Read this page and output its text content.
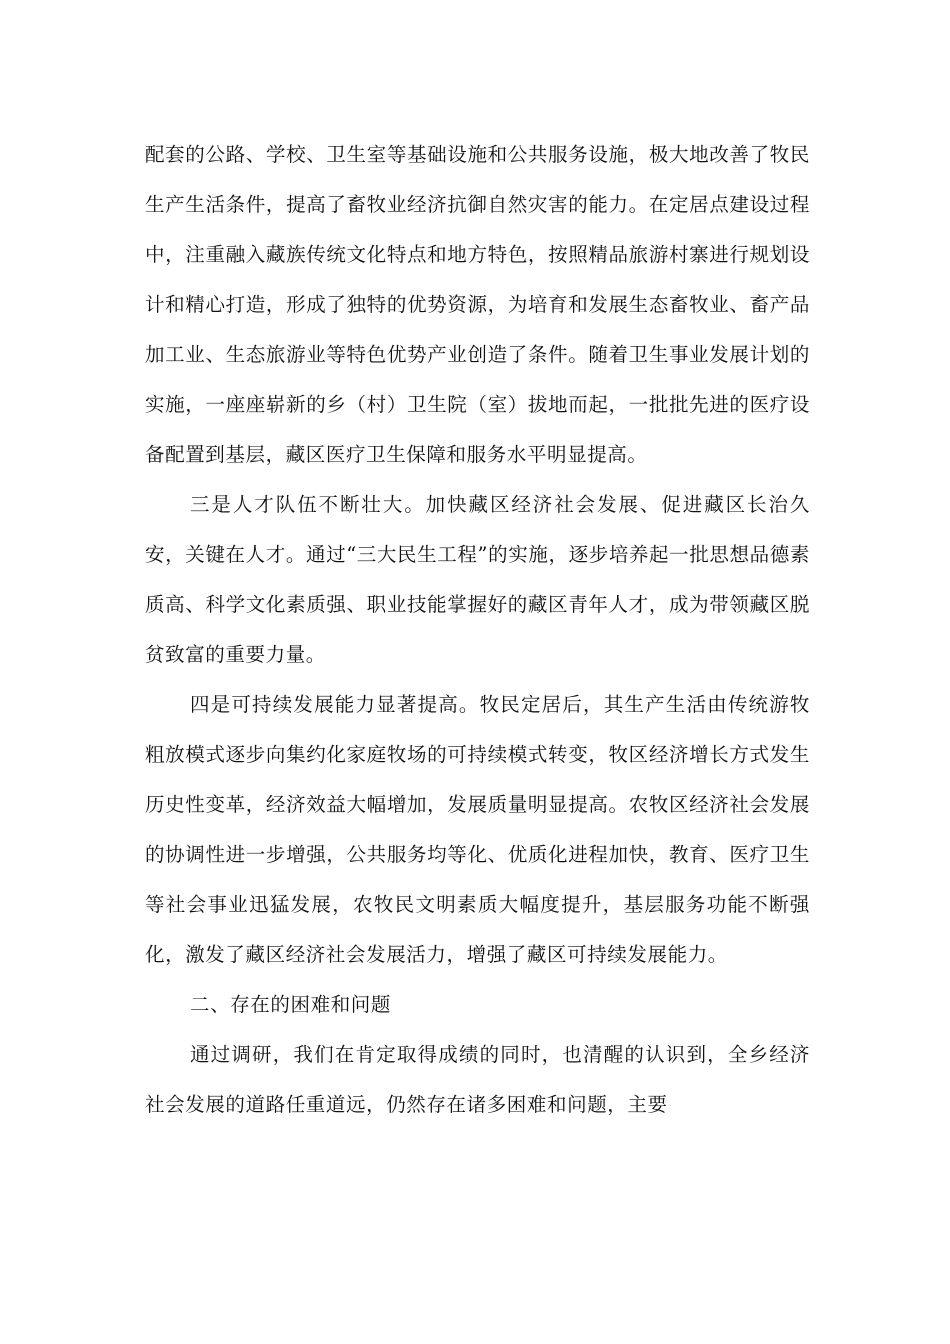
配套的公路、学校、卫生室等基础设施和公共服务设施，极大地改善了牧民生产生活条件，提高了畜牧业经济抗御自然灾害的能力。在定居点建设过程中，注重融入藏族传统文化特点和地方特色，按照精品旅游村寨进行规划设计和精心打造，形成了独特的优势资源，为培育和发展生态畜牧业、畜产品加工业、生态旅游业等特色优势产业创造了条件。随着卫生事业发展计划的实施，一座座崭新的乡（村）卫生院（室）拔地而起，一批批先进的医疗设备配置到基层，藏区医疗卫生保障和服务水平明显提高。

三是人才队伍不断壮大。加快藏区经济社会发展、促进藏区长治久安，关键在人才。通过“三大民生工程”的实施，逐步培养起一批思想品德素质高、科学文化素质强、职业技能掌握好的藏区青年人才，成为带领藏区脱贫致富的重要力量。

四是可持续发展能力显著提高。牧民定居后，其生产生活由传统游牧粗放模式逐步向集约化家庭牧场的可持续模式转变，牧区经济增长方式发生历史性变革，经济效益大幅增加，发展质量明显提高。农牧区经济社会发展的协调性进一步增强，公共服务均等化、优质化进程加快，教育、医疗卫生等社会事业迅猛发展，农牧民文明素质大幅度提升，基层服务功能不断强化，激发了藏区经济社会发展活力，增强了藏区可持续发展能力。

二、存在的困难和问题

通过调研，我们在肯定取得成绩的同时，也清醒的认识到，全乡经济社会发展的道路任重道远，仍然存在诸多困难和问题，主要
